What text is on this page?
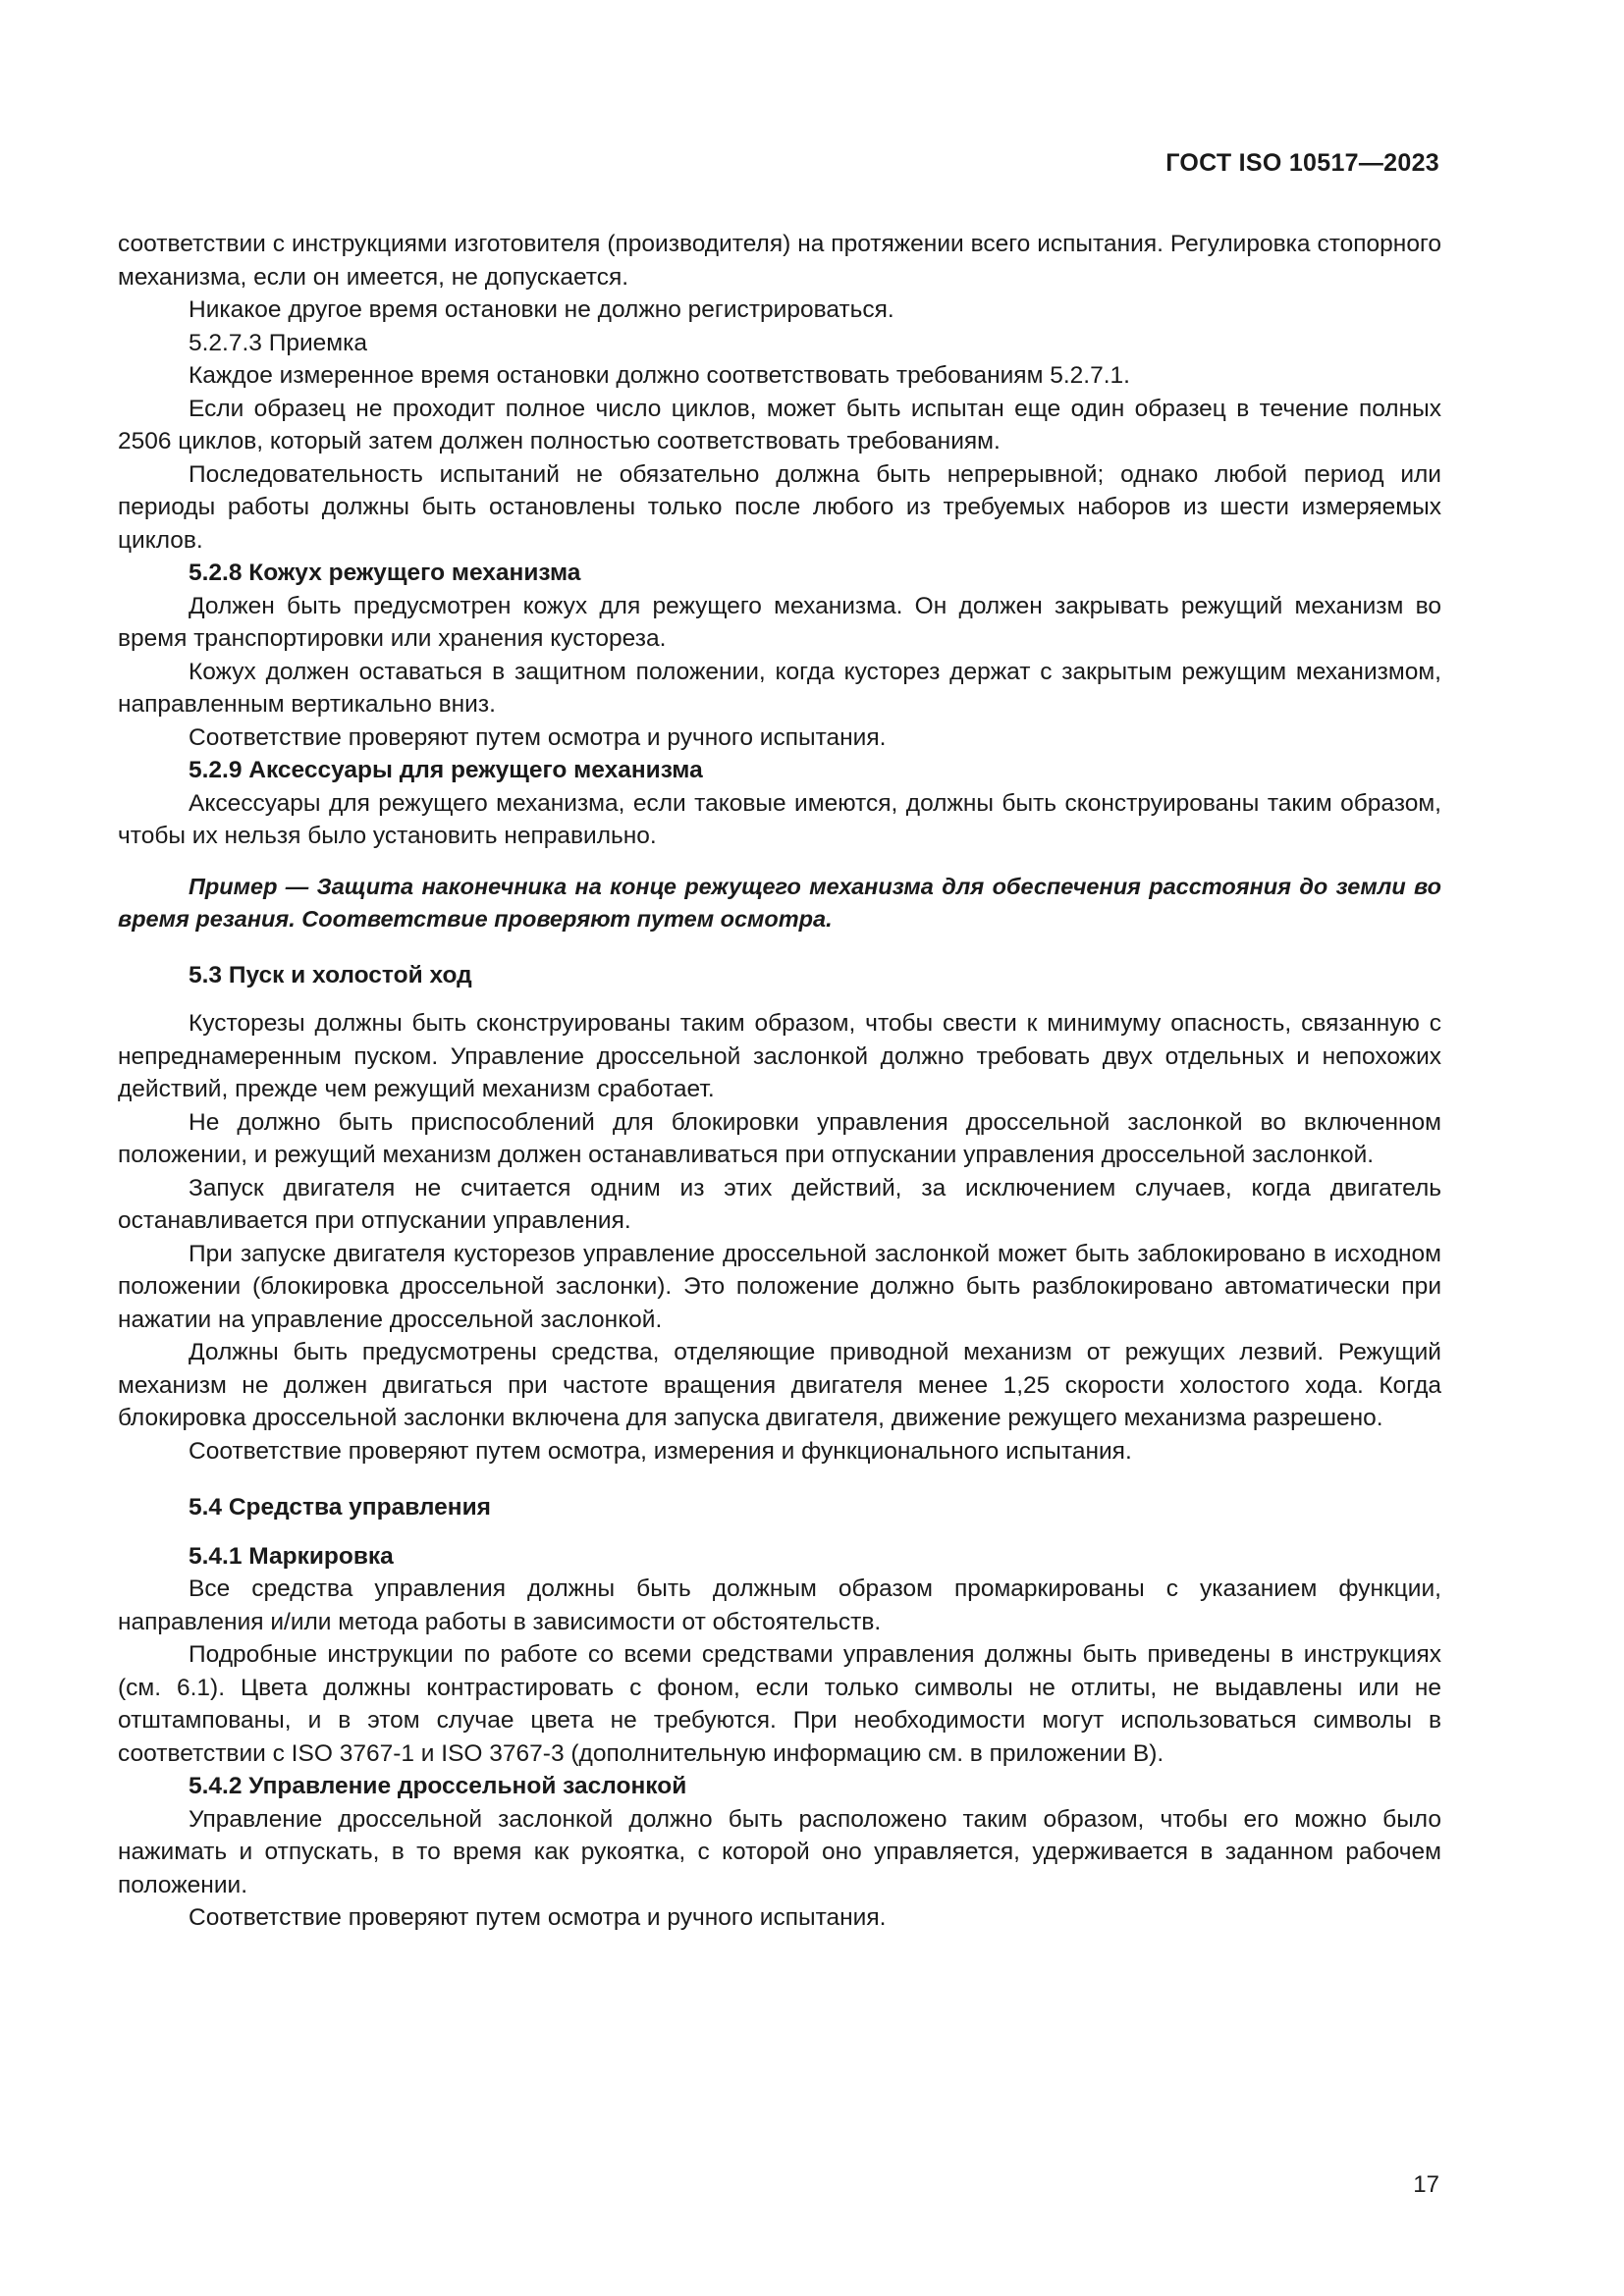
ГОСТ ISO 10517—2023

соответствии с инструкциями изготовителя (производителя) на протяжении всего испытания. Регулировка стопорного механизма, если он имеется, не допускается.

Никакое другое время остановки не должно регистрироваться.

5.2.7.3 Приемка

Каждое измеренное время остановки должно соответствовать требованиям 5.2.7.1.

Если образец не проходит полное число циклов, может быть испытан еще один образец в течение полных 2506 циклов, который затем должен полностью соответствовать требованиям.

Последовательность испытаний не обязательно должна быть непрерывной; однако любой период или периоды работы должны быть остановлены только после любого из требуемых наборов из шести измеряемых циклов.

5.2.8 Кожух режущего механизма

Должен быть предусмотрен кожух для режущего механизма. Он должен закрывать режущий механизм во время транспортировки или хранения кустореза.

Кожух должен оставаться в защитном положении, когда кусторез держат с закрытым режущим механизмом, направленным вертикально вниз.

Соответствие проверяют путем осмотра и ручного испытания.

5.2.9 Аксессуары для режущего механизма

Аксессуары для режущего механизма, если таковые имеются, должны быть сконструированы таким образом, чтобы их нельзя было установить неправильно.

Пример — Защита наконечника на конце режущего механизма для обеспечения расстояния до земли во время резания. Соответствие проверяют путем осмотра.

5.3 Пуск и холостой ход

Кусторезы должны быть сконструированы таким образом, чтобы свести к минимуму опасность, связанную с непреднамеренным пуском. Управление дроссельной заслонкой должно требовать двух отдельных и непохожих действий, прежде чем режущий механизм сработает.

Не должно быть приспособлений для блокировки управления дроссельной заслонкой во включенном положении, и режущий механизм должен останавливаться при отпускании управления дроссельной заслонкой.

Запуск двигателя не считается одним из этих действий, за исключением случаев, когда двигатель останавливается при отпускании управления.

При запуске двигателя кусторезов управление дроссельной заслонкой может быть заблокировано в исходном положении (блокировка дроссельной заслонки). Это положение должно быть разблокировано автоматически при нажатии на управление дроссельной заслонкой.

Должны быть предусмотрены средства, отделяющие приводной механизм от режущих лезвий. Режущий механизм не должен двигаться при частоте вращения двигателя менее 1,25 скорости холостого хода. Когда блокировка дроссельной заслонки включена для запуска двигателя, движение режущего механизма разрешено.

Соответствие проверяют путем осмотра, измерения и функционального испытания.

5.4 Средства управления

5.4.1 Маркировка

Все средства управления должны быть должным образом промаркированы с указанием функции, направления и/или метода работы в зависимости от обстоятельств.

Подробные инструкции по работе со всеми средствами управления должны быть приведены в инструкциях (см. 6.1). Цвета должны контрастировать с фоном, если только символы не отлиты, не выдавлены или не отштампованы, и в этом случае цвета не требуются. При необходимости могут использоваться символы в соответствии с ISO 3767-1 и ISO 3767-3 (дополнительную информацию см. в приложении В).

5.4.2 Управление дроссельной заслонкой

Управление дроссельной заслонкой должно быть расположено таким образом, чтобы его можно было нажимать и отпускать, в то время как рукоятка, с которой оно управляется, удерживается в заданном рабочем положении.

Соответствие проверяют путем осмотра и ручного испытания.

17
